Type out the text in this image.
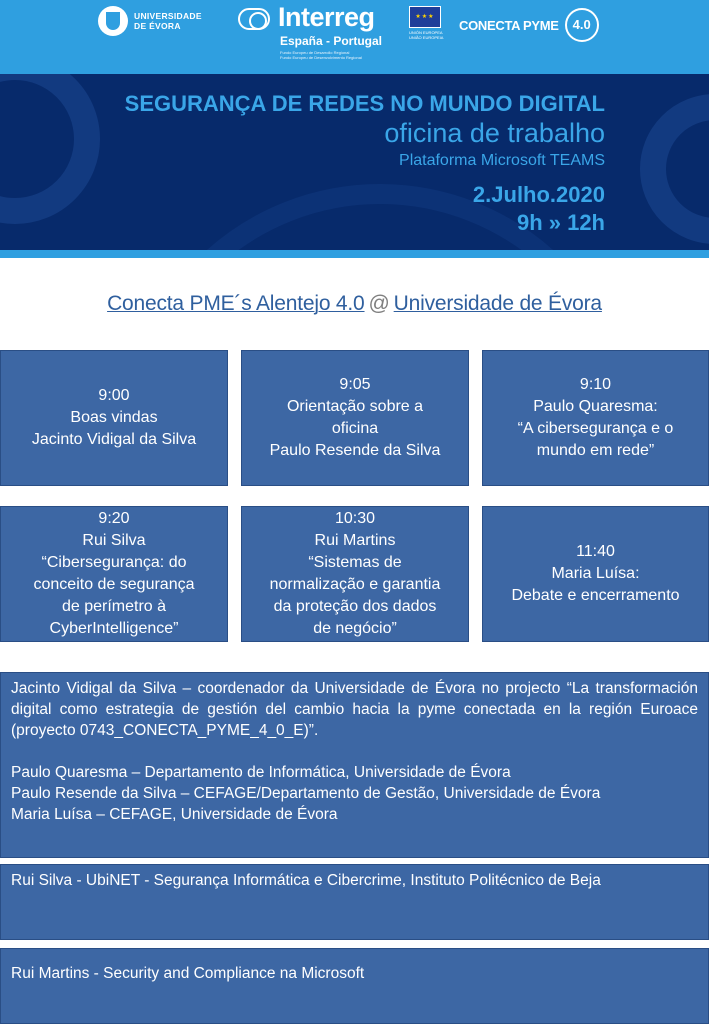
UNIVERSIDADE
DE ÉVORA	Interreg
España - Portugal
Fundo Europeu de Desarrollo Regional
Fundo Europeu de Desenvolvimento Regional
★★★
UNIÓN EUROPEA UNIÃO EUROPEIA
CONECTA PYME	4.0
SEGURANÇA DE REDES NO MUNDO DIGITAL
oficina de trabalho
Plataforma Microsoft TEAMS
2.Julho.2020
9h » 12h
Conecta PME´s Alentejo 4.0 @ Universidade de Évora
9:00
Boas vindas
Jacinto Vidigal da Silva
9:05
Orientação sobre a
oficina
Paulo Resende da Silva
9:10
Paulo Quaresma:
“A cibersegurança e o
mundo em rede”
9:20
Rui Silva
“Cibersegurança: do
conceito de segurança
de perímetro à
CyberIntelligence”
10:30
Rui Martins
“Sistemas de
normalização e garantia
da proteção dos dados
de negócio”
11:40
Maria Luísa:
Debate e encerramento

Jacinto Vidigal da Silva – coordenador da Universidade de Évora no projecto “La transformación digital como estrategia de gestión del cambio hacia la pyme conectada en la región Euroace (proyecto 0743_CONECTA_PYME_4_0_E)”.

Paulo Quaresma – Departamento de Informática, Universidade de Évora

Paulo Resende da Silva – CEFAGE/Departamento de Gestão, Universidade de Évora

Maria Luísa – CEFAGE, Universidade de Évora

Rui Silva - UbiNET - Segurança Informática e Cibercrime, Instituto Politécnico de Beja

Rui Martins - Security and Compliance na Microsoft
